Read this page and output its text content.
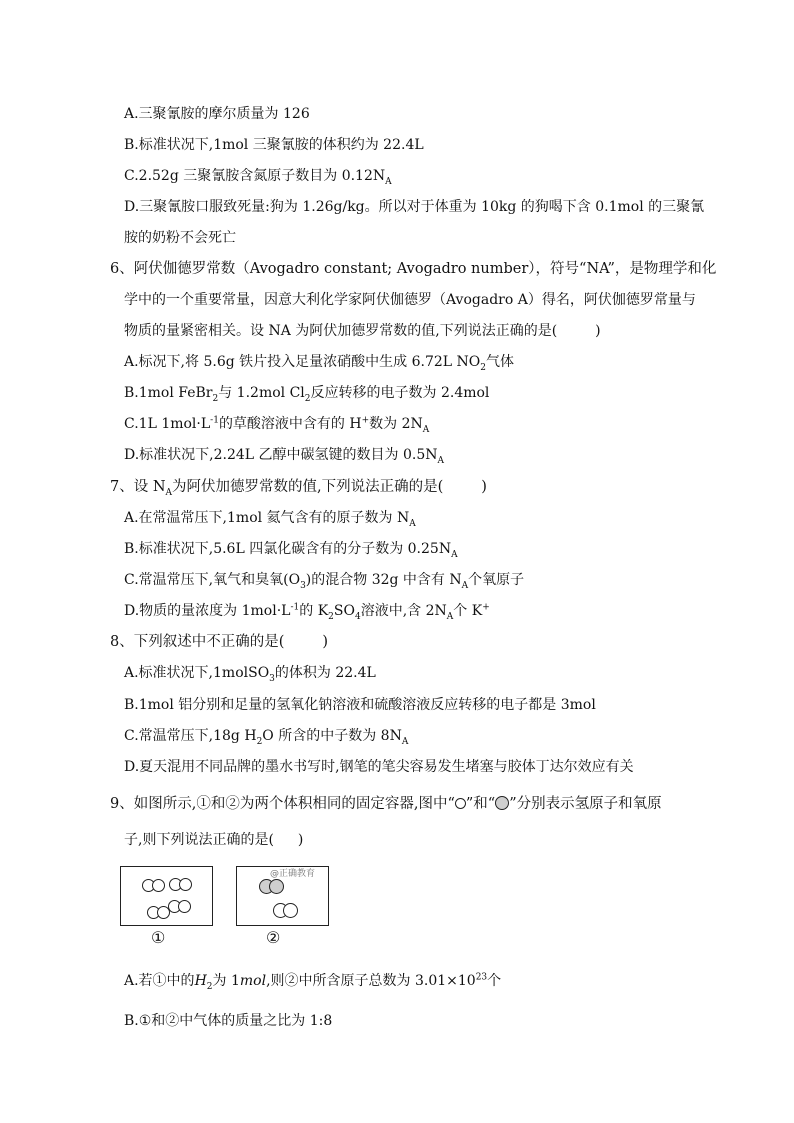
A.三聚氰胺的摩尔质量为 126
B.标准状况下,1mol 三聚氰胺的体积约为 22.4L
C.2.52g 三聚氰胺含氮原子数目为 $0.12N_A$
D.三聚氰胺口服致死量:狗为 1.26g/kg。所以对于体重为 10kg 的狗喝下含 0.1mol 的三聚氰
胺的奶粉不会死亡
6、阿伏伽德罗常数（Avogadro constant; Avogadro number），符号“NA”，是物理学和化
学中的一个重要常量，因意大利化学家阿伏伽德罗（Avogadro A）得名，阿伏伽德罗常量与
物质的量紧密相关。设 NA 为阿伏加德罗常数的值,下列说法正确的是(	)
A.标况下,将 5.6g 铁片投入足量浓硝酸中生成 6.72L $NO_2$气体
B.1mol FeBr$_2$与 1.2mol $Cl_2$反应转移的电子数为 2.4mol
C.1L $1mol\cdot L^{-1}$的草酸溶液中含有的 H+数为 $2N_A$
D.标准状况下,2.24L 乙醇中碳氢键的数目为 $0.5N_A$
7、设 $N_A$为阿伏加德罗常数的值,下列说法正确的是(	)
A.在常温常压下,1mol 氦气含有的原子数为 $N_A$
B.标准状况下,5.6L 四氯化碳含有的分子数为 $0.25N_A$
C.常温常压下,氧气和臭氧$(O_3)$的混合物 32g 中含有 $N_A$个氧原子
D.物质的量浓度为 $1mol\cdot L^{-1}$的 $K_2SO_4$溶液中,含 $2N_A$个 K+
8、下列叙述中不正确的是(	)
A.标准状况下,1molSO$_3$的体积为 22.4L
B.1mol 铝分别和足量的氢氧化钠溶液和硫酸溶液反应转移的电子都是 3mol
C.常温常压下,18g $H_2O$ 所含的中子数为 $8N_A$
D.夏天混用不同品牌的墨水书写时,钢笔的笔尖容易发生堵塞与胶体丁达尔效应有关
9、如图所示,①和②为两个体积相同的固定容器,图中“ ”和“ ”分别表示氢原子和氧原
子,则下列说法正确的是( )
@正确教育
①	②
A.若①中的$H_2$为 1mol,则②中所含原子总数为 $3.01\times 10^{23}$个
B.①和②中气体的质量之比为 1:8
